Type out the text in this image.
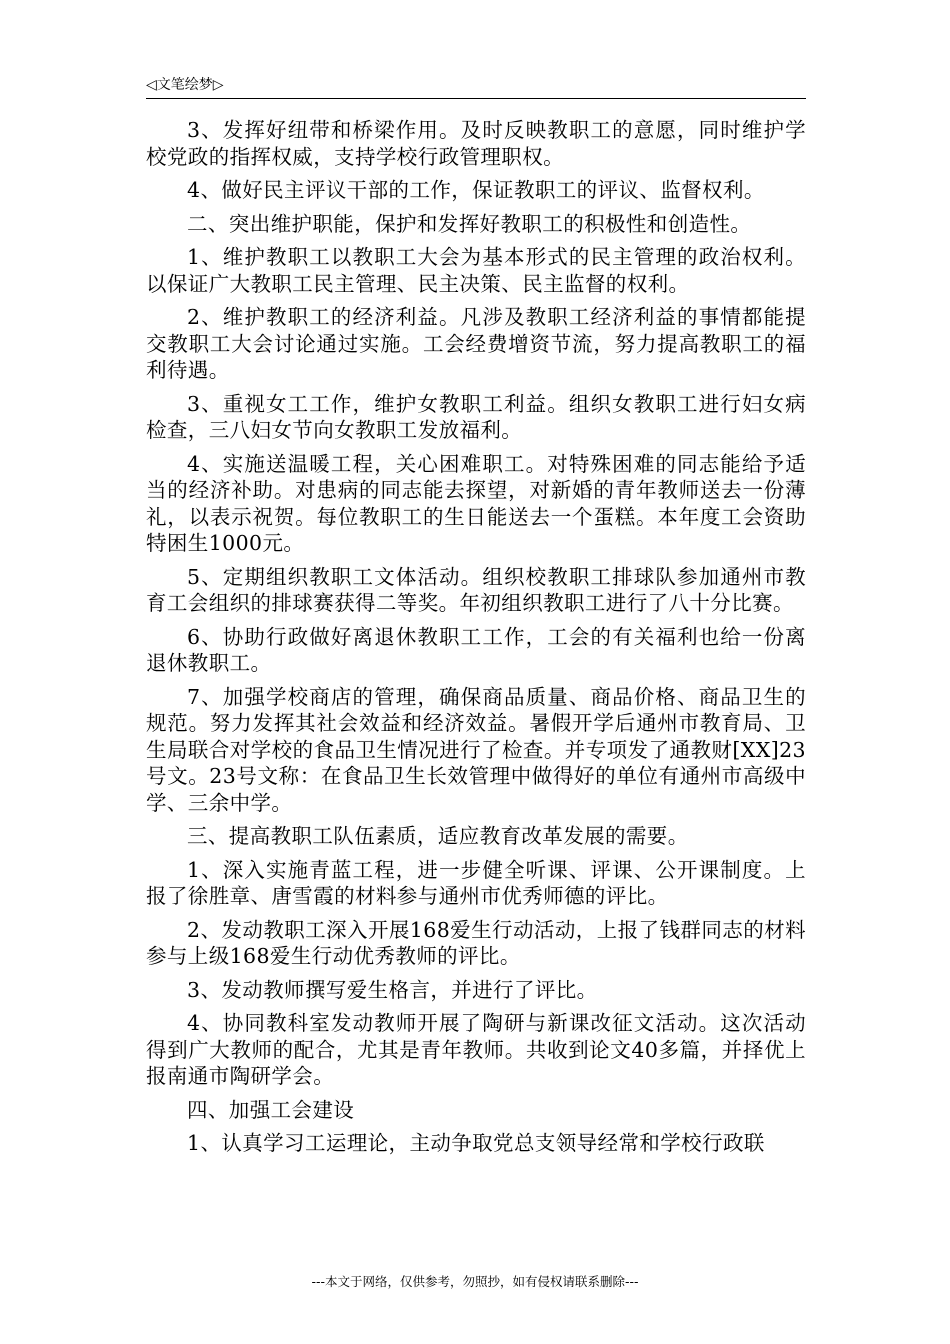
◁文笔绘梦▷

3、发挥好纽带和桥梁作用。及时反映教职工的意愿，同时维护学校党政的指挥权威，支持学校行政管理职权。

4、做好民主评议干部的工作，保证教职工的评议、监督权利。

二、突出维护职能，保护和发挥好教职工的积极性和创造性。

1、维护教职工以教职工大会为基本形式的民主管理的政治权利。以保证广大教职工民主管理、民主决策、民主监督的权利。

2、维护教职工的经济利益。凡涉及教职工经济利益的事情都能提交教职工大会讨论通过实施。工会经费增资节流，努力提高教职工的福利待遇。

3、重视女工工作，维护女教职工利益。组织女教职工进行妇女病检查，三八妇女节向女教职工发放福利。

4、实施送温暖工程，关心困难职工。对特殊困难的同志能给予适当的经济补助。对患病的同志能去探望，对新婚的青年教师送去一份薄礼，以表示祝贺。每位教职工的生日能送去一个蛋糕。本年度工会资助特困生1000元。

5、定期组织教职工文体活动。组织校教职工排球队参加通州市教育工会组织的排球赛获得二等奖。年初组织教职工进行了八十分比赛。

6、协助行政做好离退休教职工工作，工会的有关福利也给一份离退休教职工。

7、加强学校商店的管理，确保商品质量、商品价格、商品卫生的规范。努力发挥其社会效益和经济效益。暑假开学后通州市教育局、卫生局联合对学校的食品卫生情况进行了检查。并专项发了通教财[XX]23号文。23号文称：在食品卫生长效管理中做得好的单位有通州市高级中学、三余中学。

三、提高教职工队伍素质，适应教育改革发展的需要。

1、深入实施青蓝工程，进一步健全听课、评课、公开课制度。上报了徐胜章、唐雪霞的材料参与通州市优秀师德的评比。

2、发动教职工深入开展168爱生行动活动，上报了钱群同志的材料参与上级168爱生行动优秀教师的评比。

3、发动教师撰写爱生格言，并进行了评比。

4、协同教科室发动教师开展了陶研与新课改征文活动。这次活动得到广大教师的配合，尤其是青年教师。共收到论文40多篇，并择优上报南通市陶研学会。

四、加强工会建设

1、认真学习工运理论，主动争取党总支领导经常和学校行政联

---本文于网络，仅供参考，勿照抄，如有侵权请联系删除---
